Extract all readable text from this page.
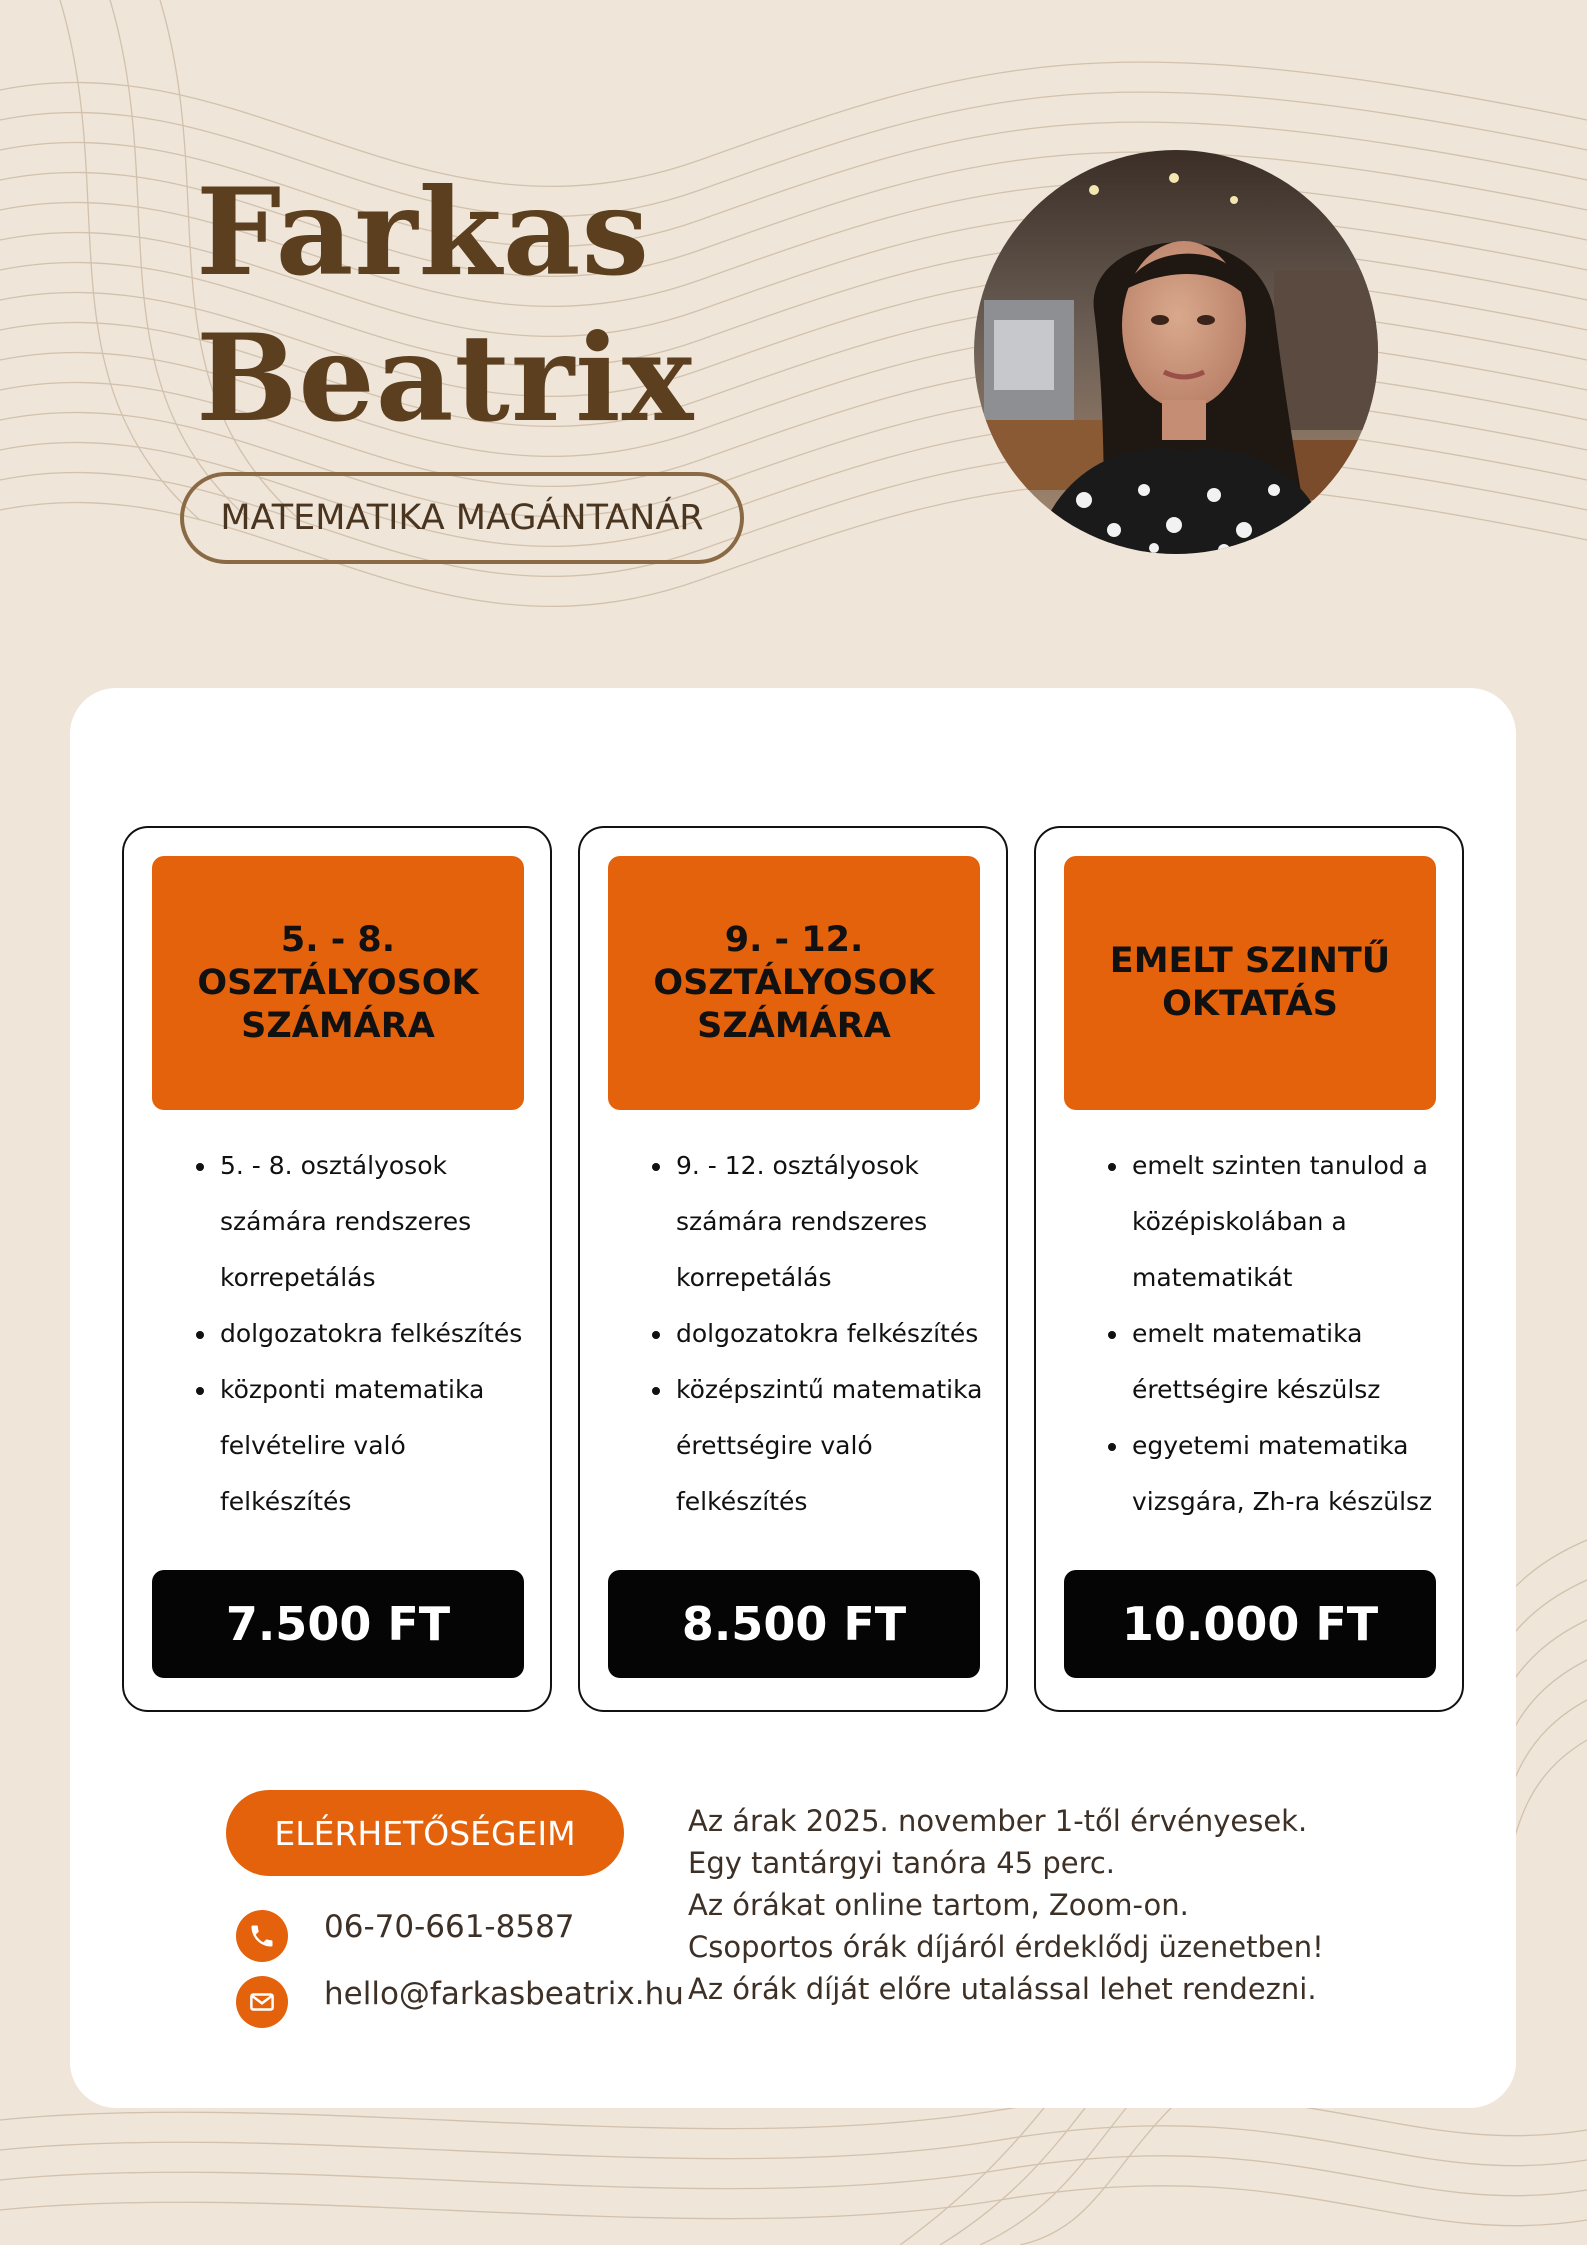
Farkas
Beatrix
MATEMATIKA MAGÁNTANÁR
5. - 8.
OSZTÁLYOSOK
SZÁMÁRA
• 5. - 8. osztályosok számára rendszeres korrepetálás
• dolgozatokra felkészítés
• központi matematika felvételire való felkészítés
7.500 FT
9. - 12.
OSZTÁLYOSOK
SZÁMÁRA
• 9. - 12. osztályosok számára rendszeres korrepetálás
• dolgozatokra felkészítés
• középszintű matematika érettségire való felkészítés
8.500 FT
EMELT SZINTŰ
OKTATÁS
• emelt szinten tanulod a középiskolában a matematikát
• emelt matematika érettségire készülsz
• egyetemi matematika vizsgára, Zh-ra készülsz
10.000 FT
ELÉRHETŐSÉGEIM
06-70-661-8587
hello@farkasbeatrix.hu
Az árak 2025. november 1-től érvényesek.
Egy tantárgyi tanóra 45 perc.
Az órákat online tartom, Zoom-on.
Csoportos órák díjáról érdeklődj üzenetben!
Az órák díját előre utalással lehet rendezni.
